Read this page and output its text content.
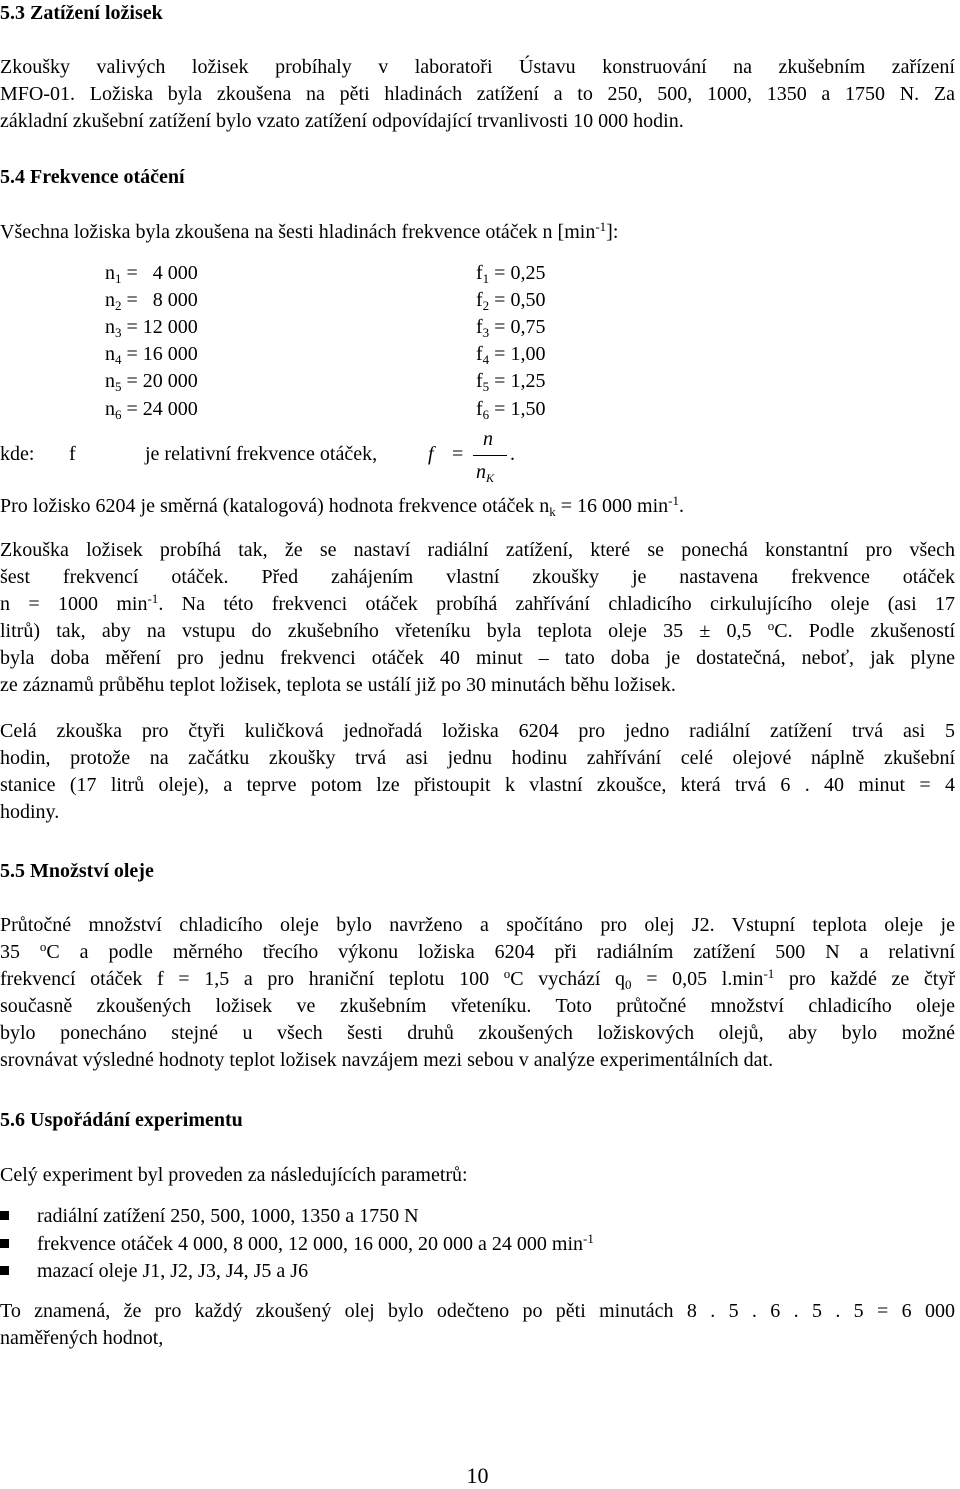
5.3 Zatížení ložisek
Zkoušky valivých ložisek probíhaly v laboratoři Ústavu konstruování na zkušebním zařízení
MFO-01. Ložiska byla zkoušena na pěti hladinách zatížení a to 250, 500, 1000, 1350 a 1750 N. Za
základní zkušební zatížení bylo vzato zatížení odpovídající trvanlivosti 10 000 hodin.
5.4 Frekvence otáčení
Všechna ložiska byla zkoušena na šesti hladinách frekvence otáček n $[\min^{-1}]$:
$n_1 = 4$ 000	$f_1 = 0,25$
$n_2 = 8$ 000	$f_2 = 0,50$
$n_3 = 12$ 000	$f_3 = 0,75$
$n_4 = 16$ 000	$f_4 = 1,00$
$n_5 = 20$ 000	$f_5 = 1,25$
$n_6 = 24$ 000	$f_6 = 1,50$
kde: f	je relativní frekvence otáček,	f =
n
$n_K$
.
Pro ložisko 6204 je směrná (katalogová) hodnota frekvence otáček $n_k = 16$ 000 $\min^{-1}$.
Zkouška ložisek probíhá tak, že se nastaví radiální zatížení, které se ponechá konstantní pro všech
šest frekvencí otáček. Před zahájením vlastní zkoušky je nastavena frekvence otáček
n = 1000 $\min^{-1}$. Na této frekvenci otáček probíhá zahřívání chladicího cirkulujícího oleje (asi 17
litrů) tak, aby na vstupu do zkušebního vřeteníku byla teplota oleje 35 ± 0,5 $^o$C. Podle zkušeností
byla doba měření pro jednu frekvenci otáček 40 minut – tato doba je dostatečná, neboť, jak plyne
ze záznamů průběhu teplot ložisek, teplota se ustálí již po 30 minutách běhu ložisek.
Celá zkouška pro čtyři kuličková jednořadá ložiska 6204 pro jedno radiální zatížení trvá asi 5
hodin, protože na začátku zkoušky trvá asi jednu hodinu zahřívání celé olejové náplně zkušební
stanice (17 litrů oleje), a teprve potom lze přistoupit k vlastní zkoušce, která trvá 6 . 40 minut = 4
hodiny.
5.5 Množství oleje
Průtočné množství chladicího oleje bylo navrženo a spočítáno pro olej J2. Vstupní teplota oleje je
35 $^o$C a podle měrného třecího výkonu ložiska 6204 při radiálním zatížení 500 N a relativní
frekvencí otáček f = 1,5 a pro hraniční teplotu 100 $^o$C vychází $q_0 = 0,05$ $l.\min^{-1}$ pro každé ze čtyř
současně zkoušených ložisek ve zkušebním vřeteníku. Toto průtočné množství chladicího oleje
bylo ponecháno stejné u všech šesti druhů zkoušených ložiskových olejů, aby bylo možné
srovnávat výsledné hodnoty teplot ložisek navzájem mezi sebou v analýze experimentálních dat.
5.6 Uspořádání experimentu
Celý experiment byl proveden za následujících parametrů:
radiální zatížení 250, 500, 1000, 1350 a 1750 N
frekvence otáček 4 000, 8 000, 12 000, 16 000, 20 000 a 24 000 $\min^{-1}$
mazací oleje J1, J2, J3, J4, J5 a J6
To znamená, že pro každý zkoušený olej bylo odečteno po pěti minutách 8 . 5 . 6 . 5 . 5 = 6 000
naměřených hodnot,
10
